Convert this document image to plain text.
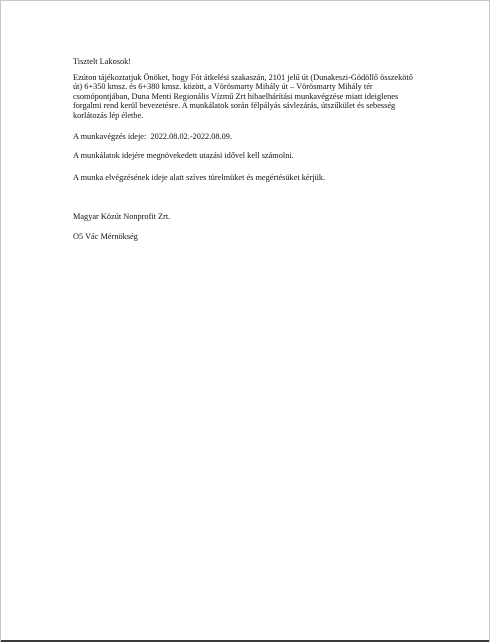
Tisztelt Lakosok!

Ezúton tájékoztatjuk Önöket, hogy Fót átkelési szakaszán, 2101 jelű út (Dunakeszi-Gödöllő összekötő út) 6+350 kmsz. és 6+380 kmsz. között, a Vörösmarty Mihály út – Vörösmarty Mihály tér csomópontjában, Duna Menti Regionális Vízmű Zrt hibaelhárítási munkavégzése miatt ideiglenes forgalmi rend kerül bevezetésre. A munkálatok során félpályás sávlezárás, útszűkület és sebesség korlátozás lép életbe.

A munkavégzés ideje: 2022.08.02.-2022.08.09.

A munkálatok idejére megnövekedett utazási idővel kell számolni.

A munka elvégzésének ideje alatt szíves türelmüket és megértésüket kérjük.

Magyar Közút Nonprofit Zrt.

O5 Vác Mérnökség
